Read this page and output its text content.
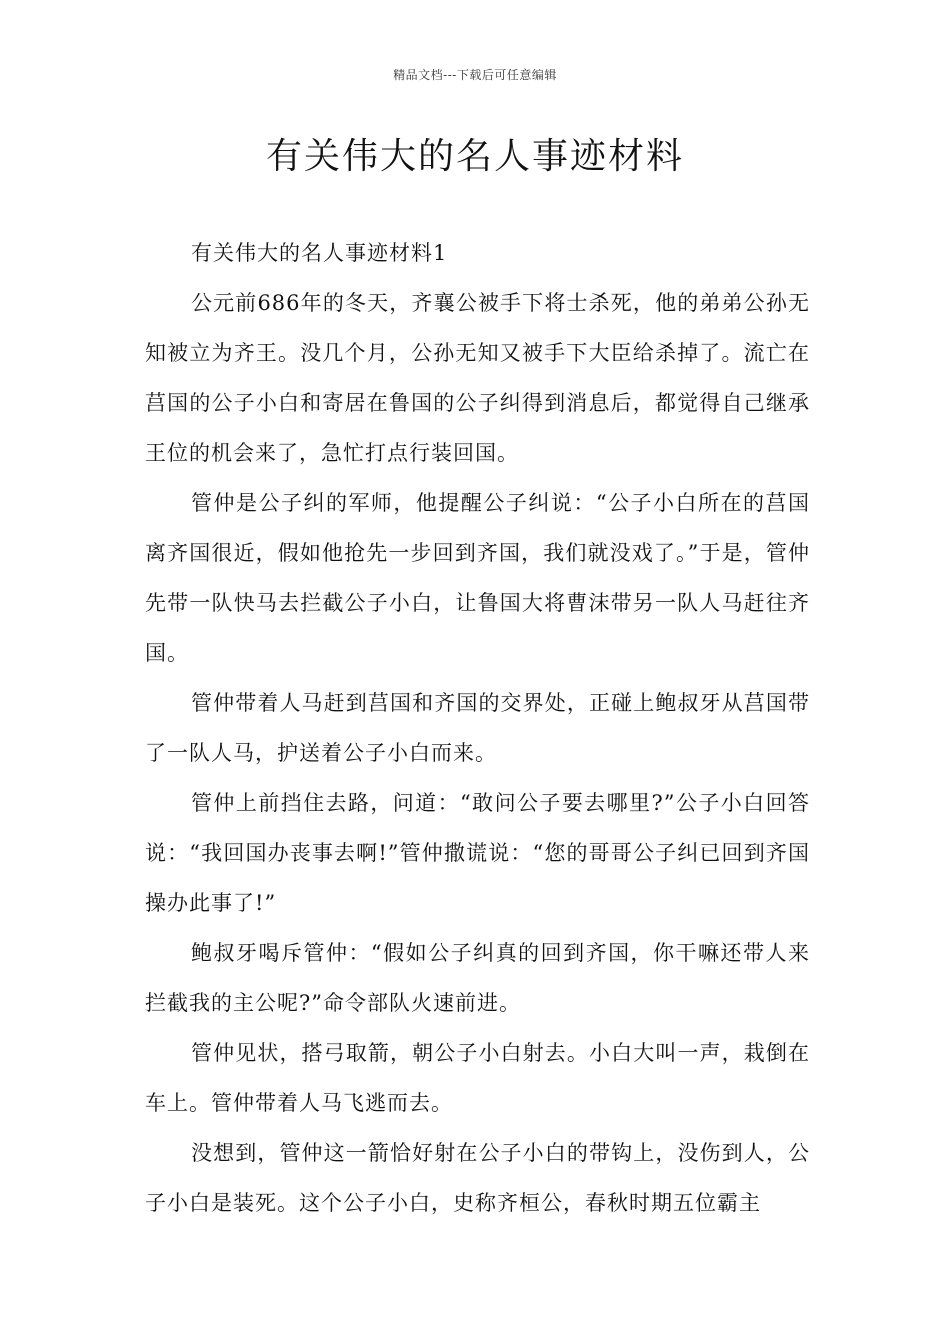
精品文档---下载后可任意编辑
有关伟大的名人事迹材料

有关伟大的名人事迹材料1

公元前686年的冬天，齐襄公被手下将士杀死，他的弟弟公孙无知被立为齐王。没几个月，公孙无知又被手下大臣给杀掉了。流亡在莒国的公子小白和寄居在鲁国的公子纠得到消息后，都觉得自己继承王位的机会来了，急忙打点行装回国。

管仲是公子纠的军师，他提醒公子纠说：“公子小白所在的莒国离齐国很近，假如他抢先一步回到齐国，我们就没戏了。”于是，管仲先带一队快马去拦截公子小白，让鲁国大将曹沫带另一队人马赶往齐国。

管仲带着人马赶到莒国和齐国的交界处，正碰上鲍叔牙从莒国带了一队人马，护送着公子小白而来。

管仲上前挡住去路，问道：“敢问公子要去哪里?”公子小白回答说：“我回国办丧事去啊!”管仲撒谎说：“您的哥哥公子纠已回到齐国操办此事了!”

鲍叔牙喝斥管仲：“假如公子纠真的回到齐国，你干嘛还带人来拦截我的主公呢?”命令部队火速前进。

管仲见状，搭弓取箭，朝公子小白射去。小白大叫一声，栽倒在车上。管仲带着人马飞逃而去。

没想到，管仲这一箭恰好射在公子小白的带钩上，没伤到人，公子小白是装死。这个公子小白，史称齐桓公，春秋时期五位霸主
